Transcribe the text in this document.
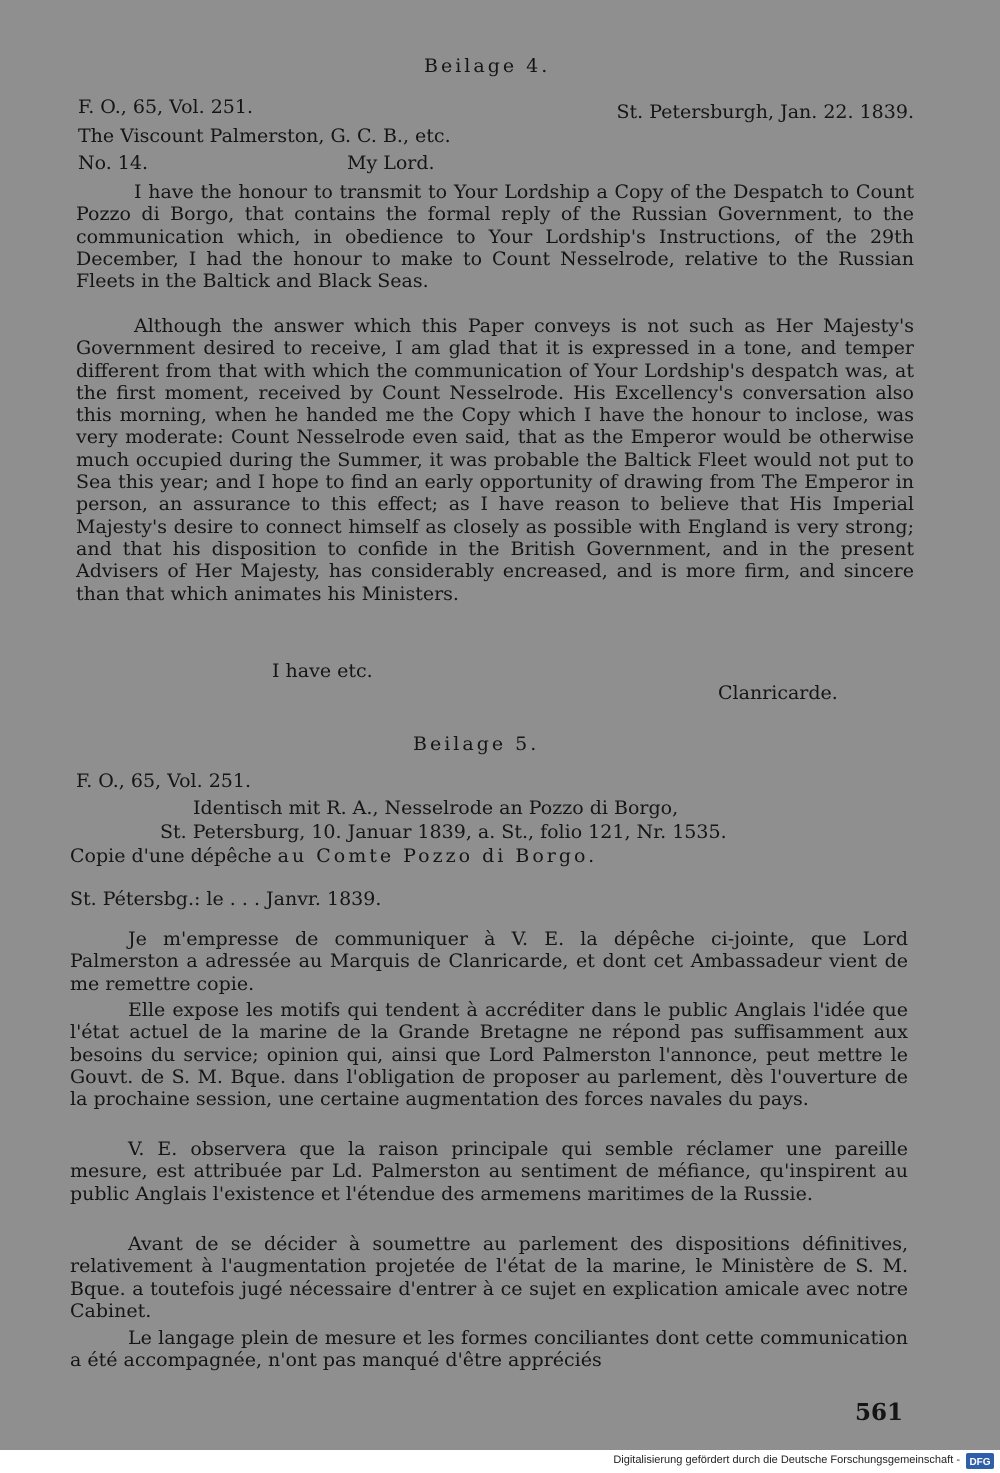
Beilage 4.

F. O., 65, Vol. 251.	St. Petersburgh, Jan. 22. 1839.

The Viscount Palmerston, G. C. B., etc.

No. 14.	My Lord.

I have the honour to transmit to Your Lordship a Copy of the Despatch to Count Pozzo di Borgo, that contains the formal reply of the Russian Government, to the communication which, in obedience to Your Lordship's Instructions, of the 29th December, I had the honour to make to Count Nesselrode, relative to the Russian Fleets in the Baltick and Black Seas.

Although the answer which this Paper conveys is not such as Her Majesty's Government desired to receive, I am glad that it is expressed in a tone, and temper different from that with which the communication of Your Lordship's despatch was, at the first moment, received by Count Nesselrode. His Excellency's conversation also this morning, when he handed me the Copy which I have the honour to inclose, was very moderate: Count Nesselrode even said, that as the Emperor would be otherwise much occupied during the Summer, it was probable the Baltick Fleet would not put to Sea this year; and I hope to find an early opportunity of drawing from The Emperor in person, an assurance to this effect; as I have reason to believe that His Imperial Majesty's desire to connect himself as closely as possible with England is very strong; and that his disposition to confide in the British Government, and in the present Advisers of Her Majesty, has considerably encreased, and is more firm, and sincere than that which animates his Ministers.

I have etc.

Clanricarde.

Beilage 5.

F. O., 65, Vol. 251.

Identisch mit R. A., Nesselrode an Pozzo di Borgo,

St. Petersburg, 10. Januar 1839, a. St., folio 121, Nr. 1535.

Copie d'une dépêche au Comte Pozzo di Borgo.

St. Pétersbg.: le . . . Janvr. 1839.

Je m'empresse de communiquer à V. E. la dépêche ci-jointe, que Lord Palmerston a adressée au Marquis de Clanricarde, et dont cet Ambassadeur vient de me remettre copie.

Elle expose les motifs qui tendent à accréditer dans le public Anglais l'idée que l'état actuel de la marine de la Grande Bretagne ne répond pas suffisamment aux besoins du service; opinion qui, ainsi que Lord Palmerston l'annonce, peut mettre le Gouvt. de S. M. Bque. dans l'obligation de proposer au parlement, dès l'ouverture de la prochaine session, une certaine augmentation des forces navales du pays.

V. E. observera que la raison principale qui semble réclamer une pareille mesure, est attribuée par Ld. Palmerston au sentiment de méfiance, qu'inspirent au public Anglais l'existence et l'étendue des armemens maritimes de la Russie.

Avant de se décider à soumettre au parlement des dispositions définitives, relativement à l'augmentation projetée de l'état de la marine, le Ministère de S. M. Bque. a toutefois jugé nécessaire d'entrer à ce sujet en explication amicale avec notre Cabinet.

Le langage plein de mesure et les formes conciliantes dont cette communication a été accompagnée, n'ont pas manqué d'être appréciés

561

Digitalisierung gefördert durch die Deutsche Forschungsgemeinschaft - DFG
